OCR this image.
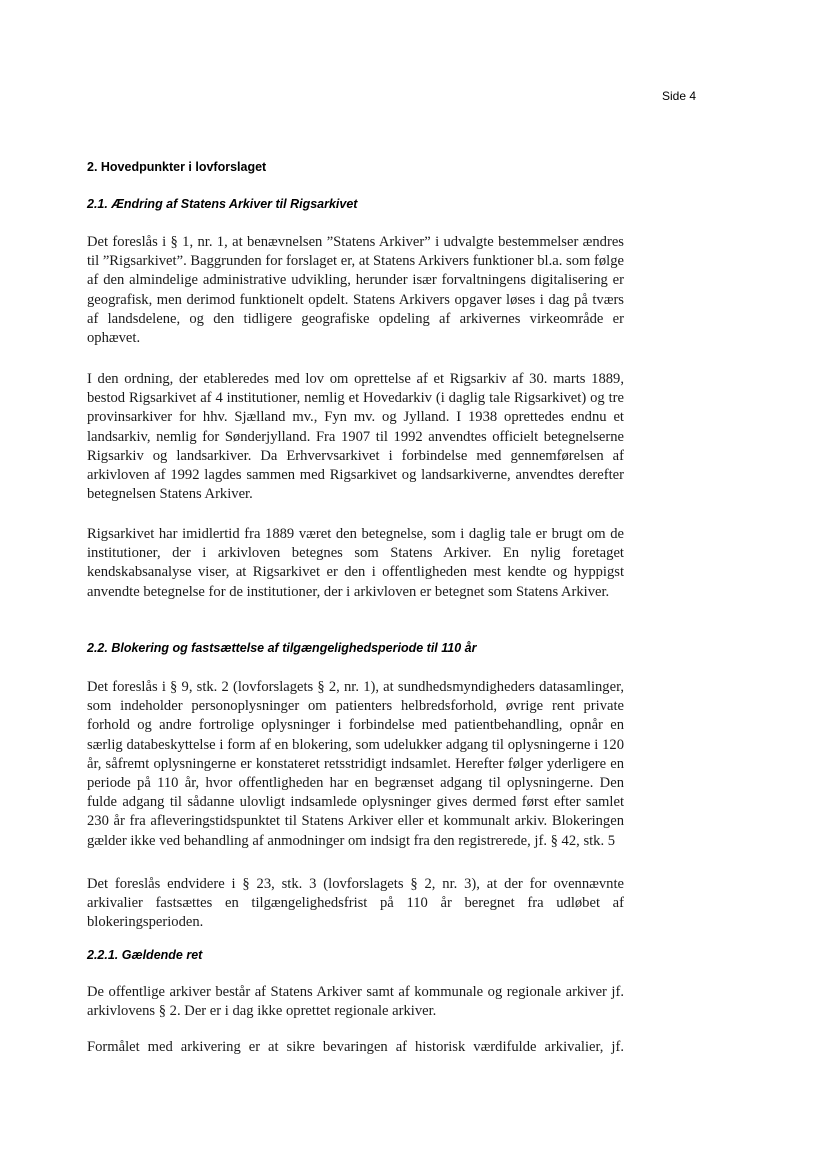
Side 4
2. Hovedpunkter i lovforslaget
2.1. Ændring af Statens Arkiver til Rigsarkivet

Det foreslås i § 1, nr. 1, at benævnelsen ”Statens Arkiver” i udvalgte bestemmelser ændres til ”Rigsarkivet”. Baggrunden for forslaget er, at Statens Arkivers funktioner bl.a. som følge af den almindelige administrative udvikling, herunder især forvaltningens digitalisering er geografisk, men derimod funktionelt opdelt. Statens Arkivers opgaver løses i dag på tværs af landsdelene, og den tidligere geografiske opdeling af arkivernes virkeområde er ophævet.

I den ordning, der etableredes med lov om oprettelse af et Rigsarkiv af 30. marts 1889, bestod Rigsarkivet af 4 institutioner, nemlig et Hovedarkiv (i daglig tale Rigsarkivet) og tre provinsarkiver for hhv. Sjælland mv., Fyn mv. og Jylland. I 1938 oprettedes endnu et landsarkiv, nemlig for Sønderjylland. Fra 1907 til 1992 anvendtes officielt betegnelserne Rigsarkiv og landsarkiver. Da Erhvervsarkivet i forbindelse med gennemførelsen af arkivloven af 1992 lagdes sammen med Rigsarkivet og landsarkiverne, anvendtes derefter betegnelsen Statens Arkiver.

Rigsarkivet har imidlertid fra 1889 været den betegnelse, som i daglig tale er brugt om de institutioner, der i arkivloven betegnes som Statens Arkiver. En nylig foretaget kendskabsanalyse viser, at Rigsarkivet er den i offentligheden mest kendte og hyppigst anvendte betegnelse for de institutioner, der i arkivloven er betegnet som Statens Arkiver.

2.2. Blokering og fastsættelse af tilgængelighedsperiode til 110 år

Det foreslås i § 9, stk. 2 (lovforslagets § 2, nr. 1), at sundhedsmyndigheders datasamlinger, som indeholder personoplysninger om patienters helbredsforhold, øvrige rent private forhold og andre fortrolige oplysninger i forbindelse med patientbehandling, opnår en særlig databeskyttelse i form af en blokering, som udelukker adgang til oplysningerne i 120 år, såfremt oplysningerne er konstateret retsstridigt indsamlet. Herefter følger yderligere en periode på 110 år, hvor offentligheden har en begrænset adgang til oplysningerne. Den fulde adgang til sådanne ulovligt indsamlede oplysninger gives dermed først efter samlet 230 år fra afleveringstidspunktet til Statens Arkiver eller et kommunalt arkiv. Blokeringen gælder ikke ved behandling af anmodninger om indsigt fra den registrerede, jf. § 42, stk. 5

Det foreslås endvidere i § 23, stk. 3 (lovforslagets § 2, nr. 3), at der for ovennævnte arkivalier fastsættes en tilgængelighedsfrist på 110 år beregnet fra udløbet af blokeringsperioden.

2.2.1. Gældende ret

De offentlige arkiver består af Statens Arkiver samt af kommunale og regionale arkiver jf. arkivlovens § 2. Der er i dag ikke oprettet regionale arkiver.

Formålet med arkivering er at sikre bevaringen af historisk værdifulde arkivalier, jf.
